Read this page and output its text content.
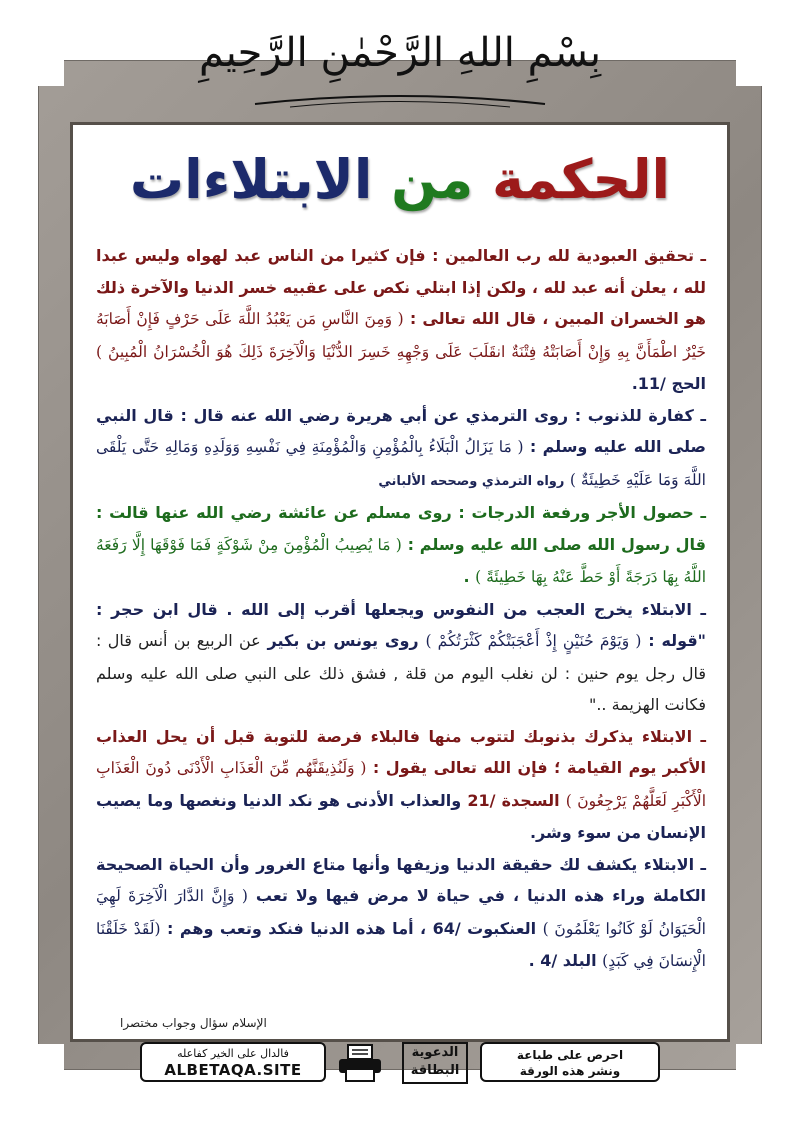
بِسْمِ اللهِ الرَّحْمٰنِ الرَّحِيمِ
الحكمة من الابتلاءات

ـ تحقيق العبودية لله رب العالمين : فإن كثيرا من الناس عبد لهواه وليس عبدا لله ، يعلن أنه عبد لله ، ولكن إذا ابتلي نكص على عقبيه خسر الدنيا والآخرة ذلك هو الخسران المبين ، قال الله تعالى : ( وَمِنَ النَّاسِ مَن يَعْبُدُ اللَّهَ عَلَى حَرْفٍ فَإِنْ أَصَابَهُ خَيْرٌ اطْمَأَنَّ بِهِ وَإِنْ أَصَابَتْهُ فِتْنَةٌ انقَلَبَ عَلَى وَجْهِهِ خَسِرَ الدُّنْيَا وَالْآخِرَةَ ذَلِكَ هُوَ الْخُسْرَانُ الْمُبِينُ ) الحج /11.

ـ كفارة للذنوب : روى الترمذي عن أبي هريرة رضي الله عنه قال : قال النبي صلى الله عليه وسلم : ( مَا يَزَالُ الْبَلَاءُ بِالْمُؤْمِنِ وَالْمُؤْمِنَةِ فِي نَفْسِهِ وَوَلَدِهِ وَمَالِهِ حَتَّى يَلْقَى اللَّهَ وَمَا عَلَيْهِ خَطِيئَةٌ ) رواه الترمذي وصححه الألباني

ـ حصول الأجر ورفعة الدرجات : روى مسلم عن عائشة رضي الله عنها قالت : قال رسول الله صلى الله عليه وسلم : ( مَا يُصِيبُ الْمُؤْمِنَ مِنْ شَوْكَةٍ فَمَا فَوْقَهَا إِلَّا رَفَعَهُ اللَّهُ بِهَا دَرَجَةً أَوْ حَطَّ عَنْهُ بِهَا خَطِيئَةً ) .

ـ الابتلاء يخرج العجب من النفوس ويجعلها أقرب إلى الله . قال ابن حجر : "قوله : ( وَيَوْمَ حُنَيْنٍ إِذْ أَعْجَبَتْكُمْ كَثْرَتُكُمْ ) روى يونس بن بكير عن الربيع بن أنس قال : قال رجل يوم حنين : لن نغلب اليوم من قلة , فشق ذلك على النبي صلى الله عليه وسلم فكانت الهزيمة .."

ـ الابتلاء يذكرك بذنوبك لتتوب منها فالبلاء فرصة للتوبة قبل أن يحل العذاب الأكبر يوم القيامة ؛ فإن الله تعالى يقول : ( وَلَنُذِيقَنَّهُم مِّنَ الْعَذَابِ الْأَدْنَى دُونَ الْعَذَابِ الْأَكْبَرِ لَعَلَّهُمْ يَرْجِعُونَ ) السجدة /21 والعذاب الأدنى هو نكد الدنيا ونغصها وما يصيب الإنسان من سوء وشر.

ـ الابتلاء يكشف لك حقيقة الدنيا وزيفها وأنها متاع الغرور وأن الحياة الصحيحة الكاملة وراء هذه الدنيا ، في حياة لا مرض فيها ولا تعب ( وَإِنَّ الدَّارَ الْآخِرَةَ لَهِيَ الْحَيَوَانُ لَوْ كَانُوا يَعْلَمُونَ ) العنكبوت /64 ، أما هذه الدنيا فنكد وتعب وهم : (لَقَدْ خَلَقْنَا الْإِنسَانَ فِي كَبَدٍ) البلد /4 .

الإسلام سؤال وجواب مختصرا
فالدال على الخير كفاعله
ALBETAQA.SITE
الدعوية
البطاقة
احرص على طباعة
ونشر هذه الورقة
